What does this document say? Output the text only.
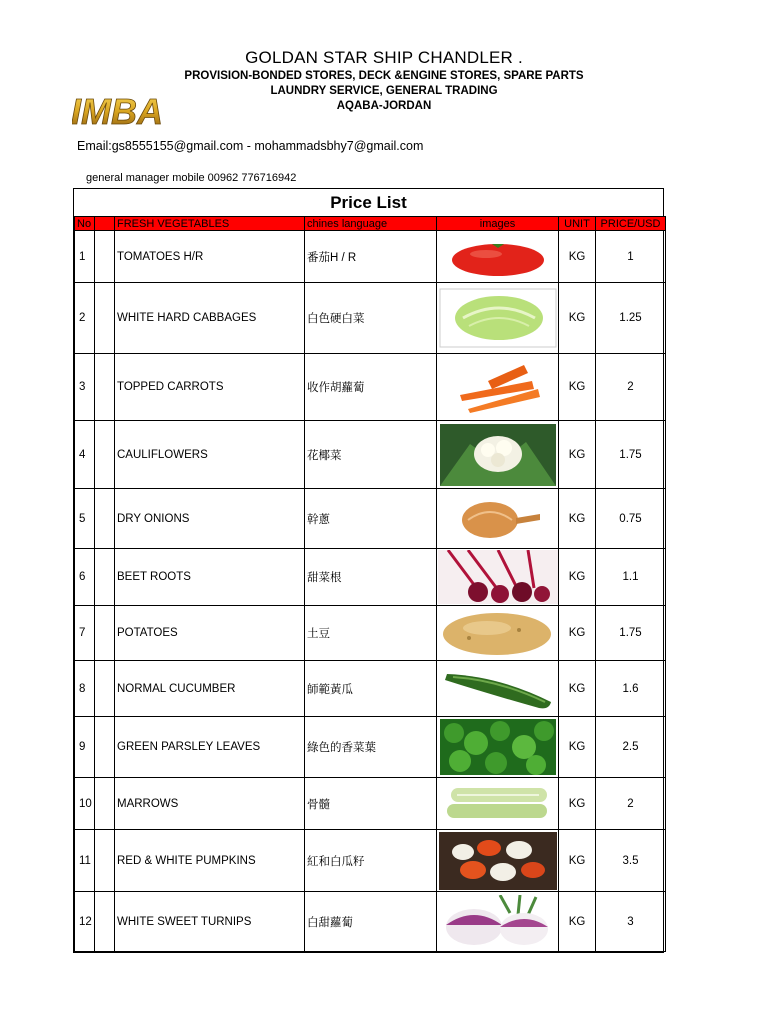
GOLDAN STAR SHIP CHANDLER .
PROVISION-BONDED STORES, DECK &ENGINE STORES, SPARE PARTS
LAUNDRY SERVICE, GENERAL TRADING
AQABA-JORDAN
IMBA
Email:gs8555155@gmail.com - mohammadsbhy7@gmail.com
general manager mobile 00962 776716942
Price List
No		FRESH VEGETABLES	chines language	images	UNIT	PRICE/USD
1		TOMATOES H/R	番茄H / R		KG	1
2		WHITE HARD CABBAGES	白色硬白菜		KG	1.25
3		TOPPED CARROTS	收作胡蘿蔔		KG	2
4		CAULIFLOWERS	花椰菜		KG	1.75
5		DRY ONIONS	幹蔥		KG	0.75
6		BEET ROOTS	甜菜根		KG	1.1
7		POTATOES	土豆		KG	1.75
8		NORMAL CUCUMBER	師範黃瓜		KG	1.6
9		GREEN PARSLEY LEAVES	綠色的香菜葉		KG	2.5
10		MARROWS	骨髓		KG	2
11		RED & WHITE PUMPKINS	紅和白瓜籽		KG	3.5
12		WHITE SWEET TURNIPS	白甜蘿蔔		KG	3
